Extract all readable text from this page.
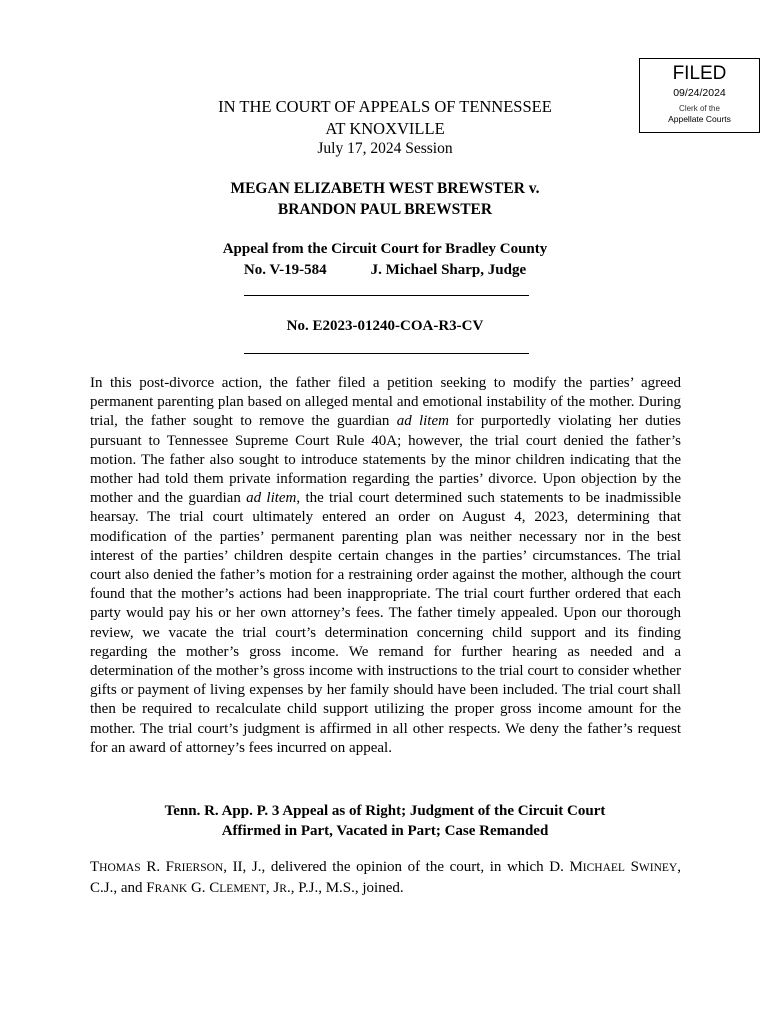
FILED
09/24/2024
Clerk of the
Appellate Courts
IN THE COURT OF APPEALS OF TENNESSEE
AT KNOXVILLE
July 17, 2024 Session
MEGAN ELIZABETH WEST BREWSTER v.
BRANDON PAUL BREWSTER
Appeal from the Circuit Court for Bradley County
No. V-19-584	J. Michael Sharp, Judge
No. E2023-01240-COA-R3-CV

In this post-divorce action, the father filed a petition seeking to modify the parties’ agreed permanent parenting plan based on alleged mental and emotional instability of the mother. During trial, the father sought to remove the guardian ad litem for purportedly violating her duties pursuant to Tennessee Supreme Court Rule 40A; however, the trial court denied the father’s motion. The father also sought to introduce statements by the minor children indicating that the mother had told them private information regarding the parties’ divorce. Upon objection by the mother and the guardian ad litem, the trial court determined such statements to be inadmissible hearsay. The trial court ultimately entered an order on August 4, 2023, determining that modification of the parties’ permanent parenting plan was neither necessary nor in the best interest of the parties’ children despite certain changes in the parties’ circumstances. The trial court also denied the father’s motion for a restraining order against the mother, although the court found that the mother’s actions had been inappropriate. The trial court further ordered that each party would pay his or her own attorney’s fees. The father timely appealed. Upon our thorough review, we vacate the trial court’s determination concerning child support and its finding regarding the mother’s gross income. We remand for further hearing as needed and a determination of the mother’s gross income with instructions to the trial court to consider whether gifts or payment of living expenses by her family should have been included. The trial court shall then be required to recalculate child support utilizing the proper gross income amount for the mother. The trial court’s judgment is affirmed in all other respects. We deny the father’s request for an award of attorney’s fees incurred on appeal.

Tenn. R. App. P. 3 Appeal as of Right; Judgment of the Circuit Court
Affirmed in Part, Vacated in Part; Case Remanded

THOMAS R. FRIERSON, II, J., delivered the opinion of the court, in which D. MICHAEL SWINEY, C.J., and FRANK G. CLEMENT, JR., P.J., M.S., joined.
